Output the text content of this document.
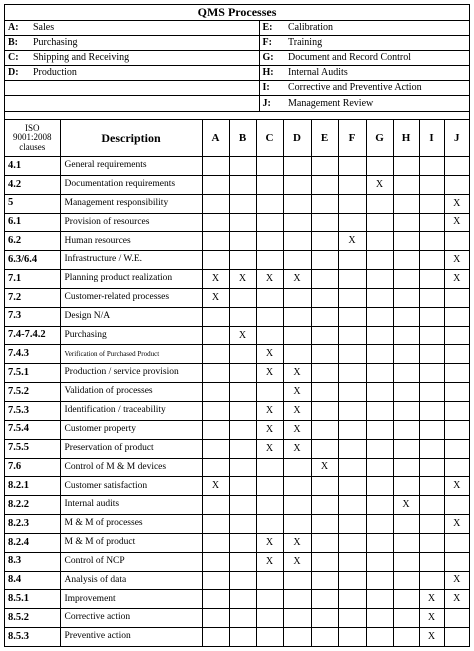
QMS Processes			
A:	Sales	E:	Calibration
B:	Purchasing	F:	Training
C:	Shipping and Receiving	G:	Document and Record Control
D:	Production	H:	Internal Audits
		I:	Corrective and Preventive Action
		J:	Management Review
ISO 9001:2008 clauses	Description	A	B	C	D	E	F	G	H	I	J
4.1	General requirements										
4.2	Documentation requirements							X			
5	Management responsibility										X
6.1	Provision of resources										X
6.2	Human resources						X				
6.3/6.4	Infrastructure / W.E.										X
7.1	Planning product realization	X	X	X	X						X
7.2	Customer-related processes	X									
7.3	Design N/A										
7.4-7.4.2	Purchasing		X								
7.4.3	Verification of Purchased Product			X							
7.5.1	Production / service provision			X	X						
7.5.2	Validation of processes				X						
7.5.3	Identification / traceability			X	X						
7.5.4	Customer property			X	X						
7.5.5	Preservation of product			X	X						
7.6	Control of M & M devices					X					
8.2.1	Customer satisfaction	X									X
8.2.2	Internal audits								X		
8.2.3	M & M of processes										X
8.2.4	M & M of product			X	X						
8.3	Control of NCP			X	X						
8.4	Analysis of data										X
8.5.1	Improvement									X	X
8.5.2	Corrective action									X	
8.5.3	Preventive action									X	
